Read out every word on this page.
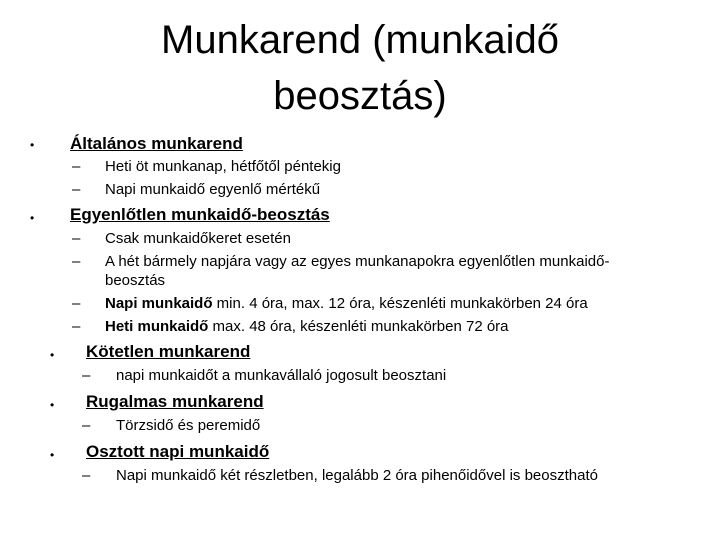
Munkarend (munkaidő
beosztás)
• Általános munkarend
– Heti öt munkanap, hétfőtől péntekig
– Napi munkaidő egyenlő mértékű
• Egyenlőtlen munkaidő-beosztás
– Csak munkaidőkeret esetén
– A hét bármely napjára vagy az egyes munkanapokra egyenlőtlen munkaidő-
beosztás
– Napi munkaidő min. 4 óra, max. 12 óra, készenléti munkakörben 24 óra
– Heti munkaidő max. 48 óra, készenléti munkakörben 72 óra
• Kötetlen munkarend
– napi munkaidőt a munkavállaló jogosult beosztani
• Rugalmas munkarend
– Törzsidő és peremidő
• Osztott napi munkaidő
– Napi munkaidő két részletben, legalább 2 óra pihenőidővel is beosztható
